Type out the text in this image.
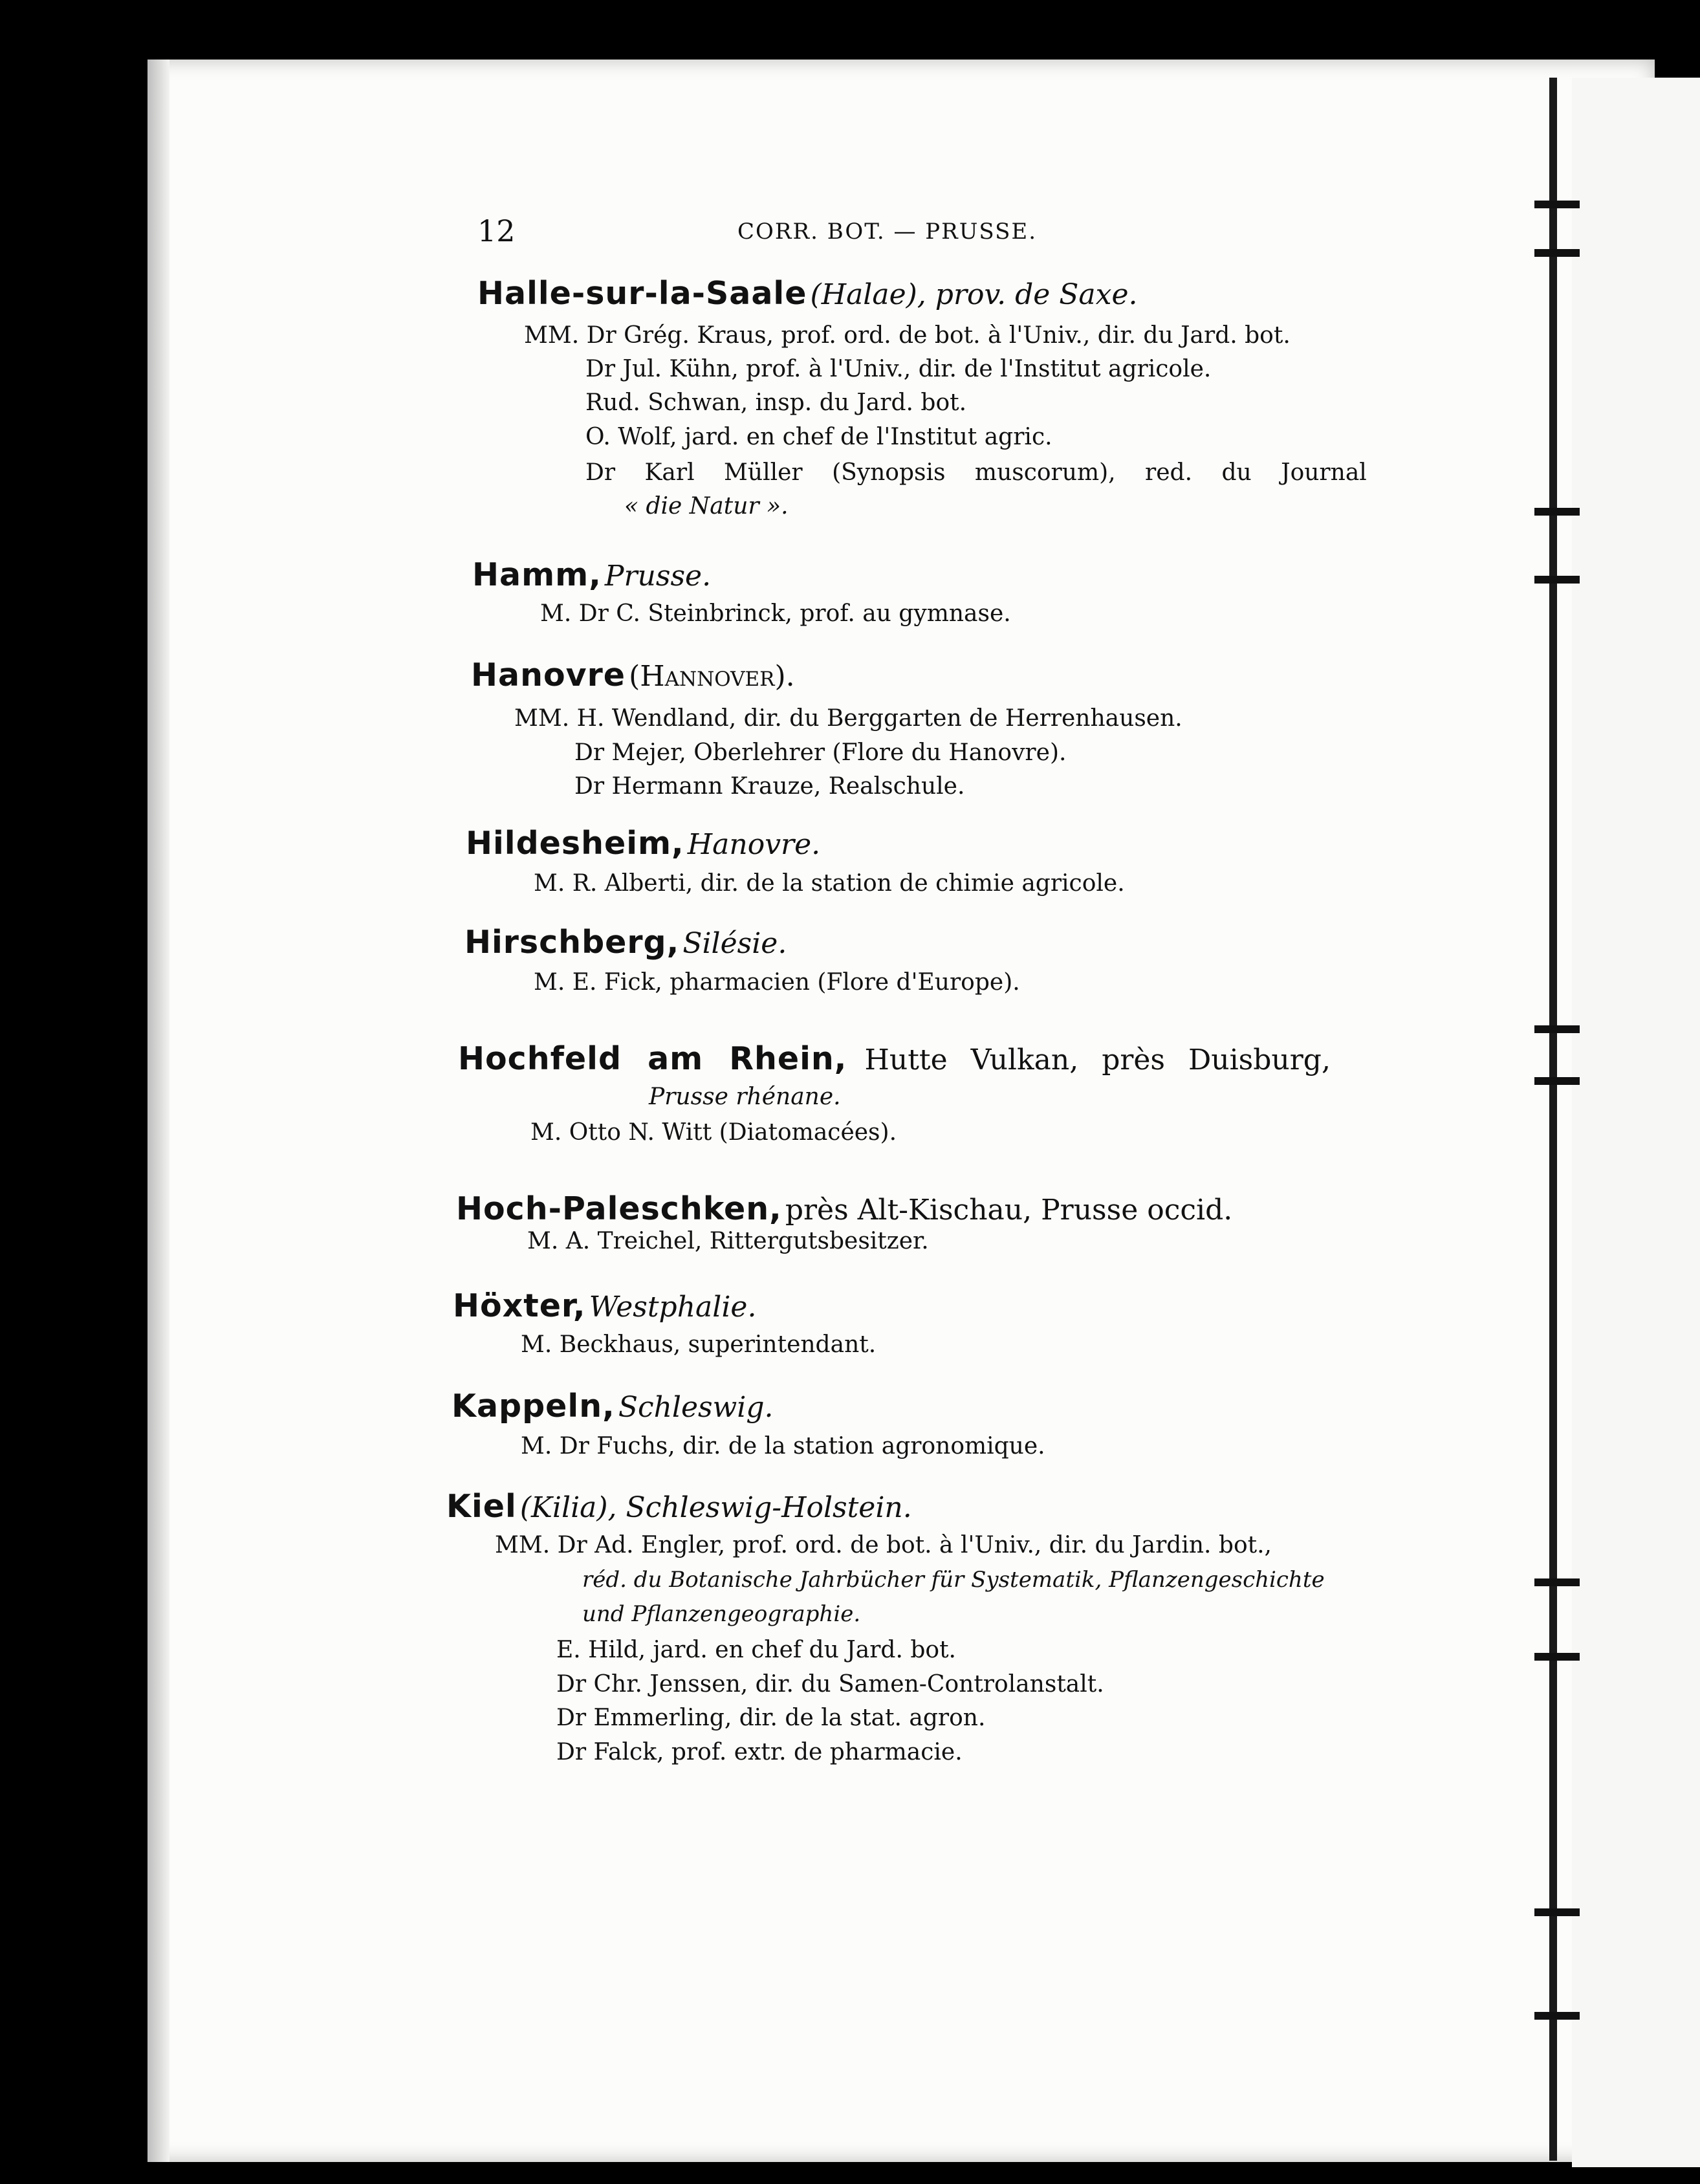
12	CORR. BOT. — PRUSSE.
Halle-sur-la-Saale (Halae), prov. de Saxe.
MM. Dr Grég. Kraus, prof. ord. de bot. à l'Univ., dir. du Jard. bot.
Dr Jul. Kühn, prof. à l'Univ., dir. de l'Institut agricole.
Rud. Schwan, insp. du Jard. bot.
O. Wolf, jard. en chef de l'Institut agric.
Dr Karl Müller (Synopsis muscorum), red. du Journal
« die Natur ».
Hamm, Prusse.
M. Dr C. Steinbrinck, prof. au gymnase.
Hanovre (Hannover).
MM. H. Wendland, dir. du Berggarten de Herrenhausen.
Dr Mejer, Oberlehrer (Flore du Hanovre).
Dr Hermann Krauze, Realschule.
Hildesheim, Hanovre.
M. R. Alberti, dir. de la station de chimie agricole.
Hirschberg, Silésie.
M. E. Fick, pharmacien (Flore d'Europe).
Hochfeld am Rhein, Hutte Vulkan, près Duisburg,
Prusse rhénane.
M. Otto N. Witt (Diatomacées).
Hoch-Paleschken, près Alt-Kischau, Prusse occid.
M. A. Treichel, Rittergutsbesitzer.
Höxter, Westphalie.
M. Beckhaus, superintendant.
Kappeln, Schleswig.
M. Dr Fuchs, dir. de la station agronomique.
Kiel (Kilia), Schleswig-Holstein.
MM. Dr Ad. Engler, prof. ord. de bot. à l'Univ., dir. du Jardin. bot.,
réd. du Botanische Jahrbücher für Systematik, Pflanzengeschichte
und Pflanzengeographie.
E. Hild, jard. en chef du Jard. bot.
Dr Chr. Jenssen, dir. du Samen-Controlanstalt.
Dr Emmerling, dir. de la stat. agron.
Dr Falck, prof. extr. de pharmacie.
